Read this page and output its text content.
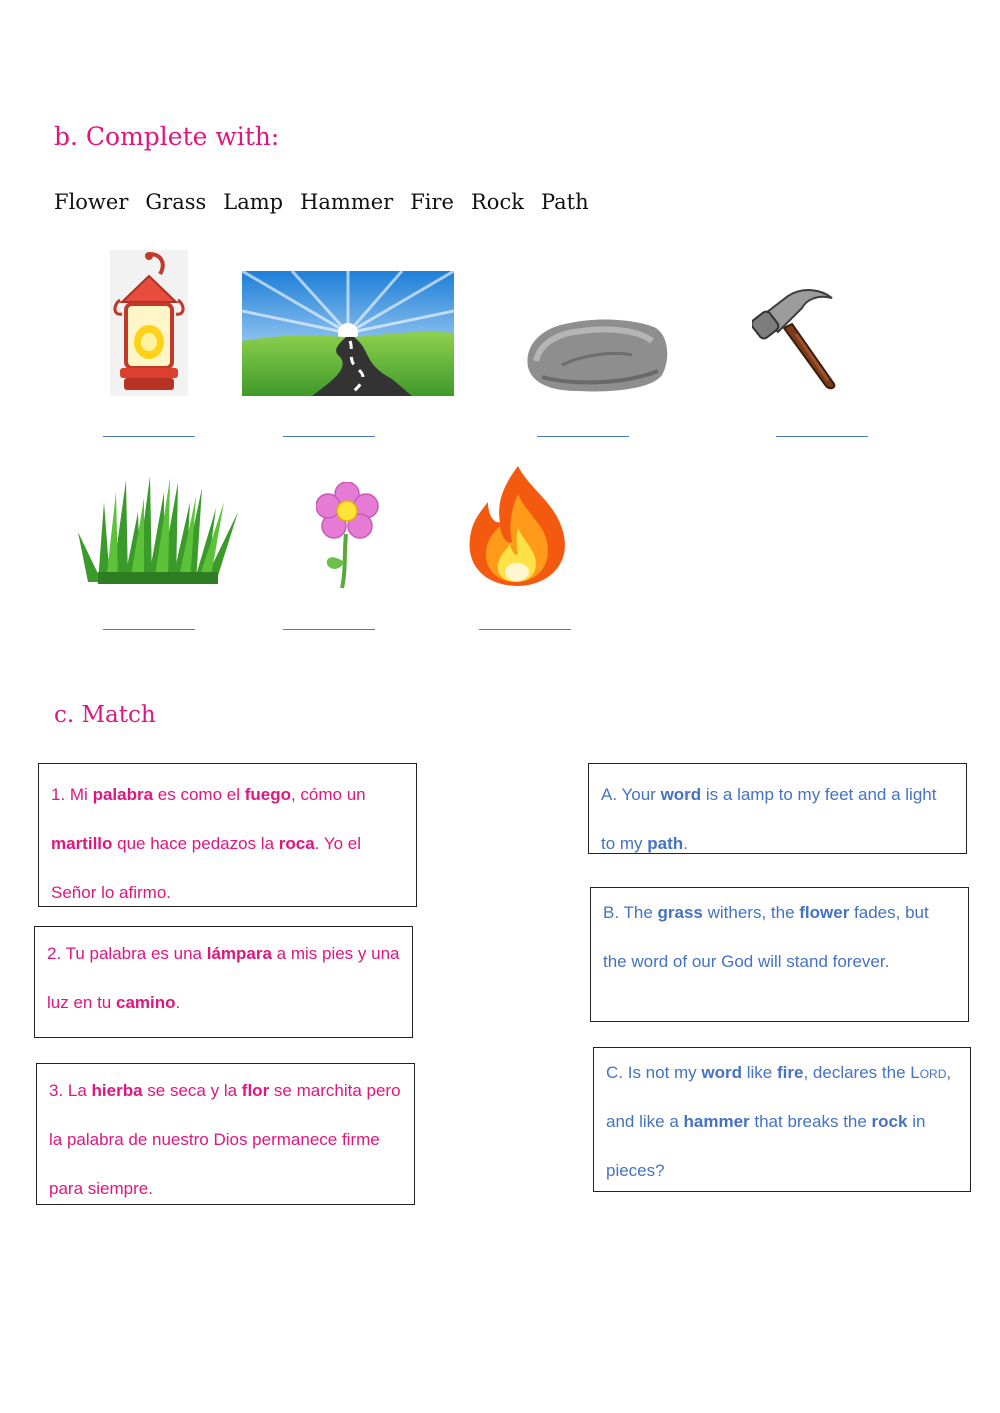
b. Complete with:
Flower Grass Lamp Hammer Fire Rock Path
c. Match
1. Mi palabra es como el fuego, cómo un martillo que hace pedazos la roca. Yo el Señor lo afirmo.
2. Tu palabra es una lámpara a mis pies y una luz en tu camino.
3. La hierba se seca y la flor se marchita pero la palabra de nuestro Dios permanece firme para siempre.
A. Your word is a lamp to my feet and a light to my path.
B. The grass withers, the flower fades, but the word of our God will stand forever.
C. Is not my word like fire, declares the Lord, and like a hammer that breaks the rock in pieces?
